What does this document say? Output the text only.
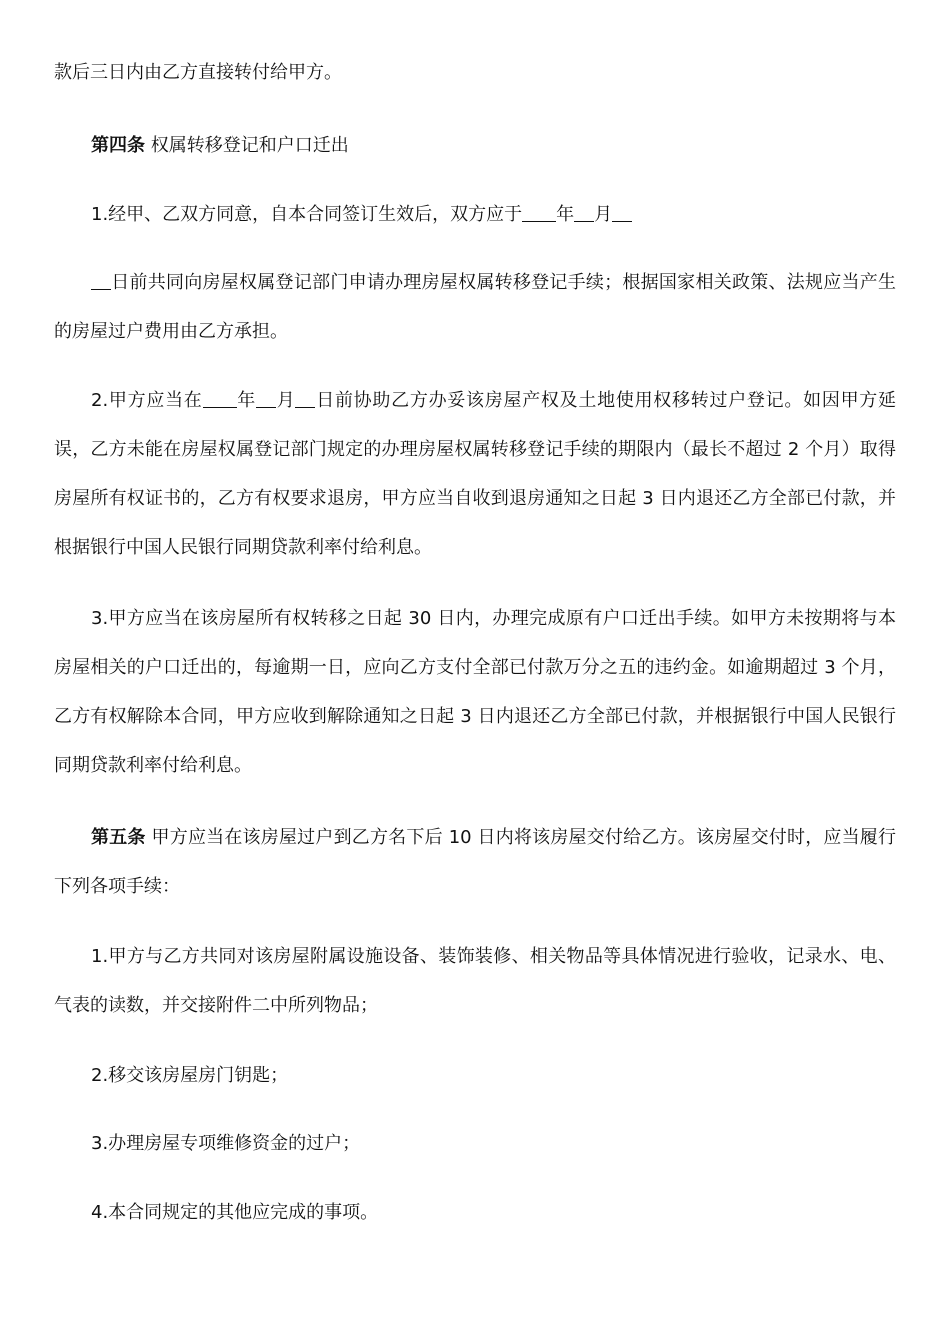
款后三日内由乙方直接转付给甲方。
第四条 权属转移登记和户口迁出
1.经甲、乙双方同意，自本合同签订生效后，双方应于 年 月
日前共同向房屋权属登记部门申请办理房屋权属转移登记手续；根据国家相关政策、法规应当产生的房屋过户费用由乙方承担。
2.甲方应当在 年 月 日前协助乙方办妥该房屋产权及土地使用权移转过户登记。如因甲方延误，乙方未能在房屋权属登记部门规定的办理房屋权属转移登记手续的期限内（最长不超过 2 个月）取得房屋所有权证书的，乙方有权要求退房，甲方应当自收到退房通知之日起 3 日内退还乙方全部已付款，并根据银行中国人民银行同期贷款利率付给利息。
3.甲方应当在该房屋所有权转移之日起 30 日内，办理完成原有户口迁出手续。如甲方未按期将与本房屋相关的户口迁出的，每逾期一日，应向乙方支付全部已付款万分之五的违约金。如逾期超过 3 个月，乙方有权解除本合同，甲方应收到解除通知之日起 3 日内退还乙方全部已付款，并根据银行中国人民银行同期贷款利率付给利息。
第五条 甲方应当在该房屋过户到乙方名下后 10 日内将该房屋交付给乙方。该房屋交付时，应当履行下列各项手续：
1.甲方与乙方共同对该房屋附属设施设备、装饰装修、相关物品等具体情况进行验收，记录水、电、气表的读数，并交接附件二中所列物品；
2.移交该房屋房门钥匙；
3.办理房屋专项维修资金的过户；
4.本合同规定的其他应完成的事项。
